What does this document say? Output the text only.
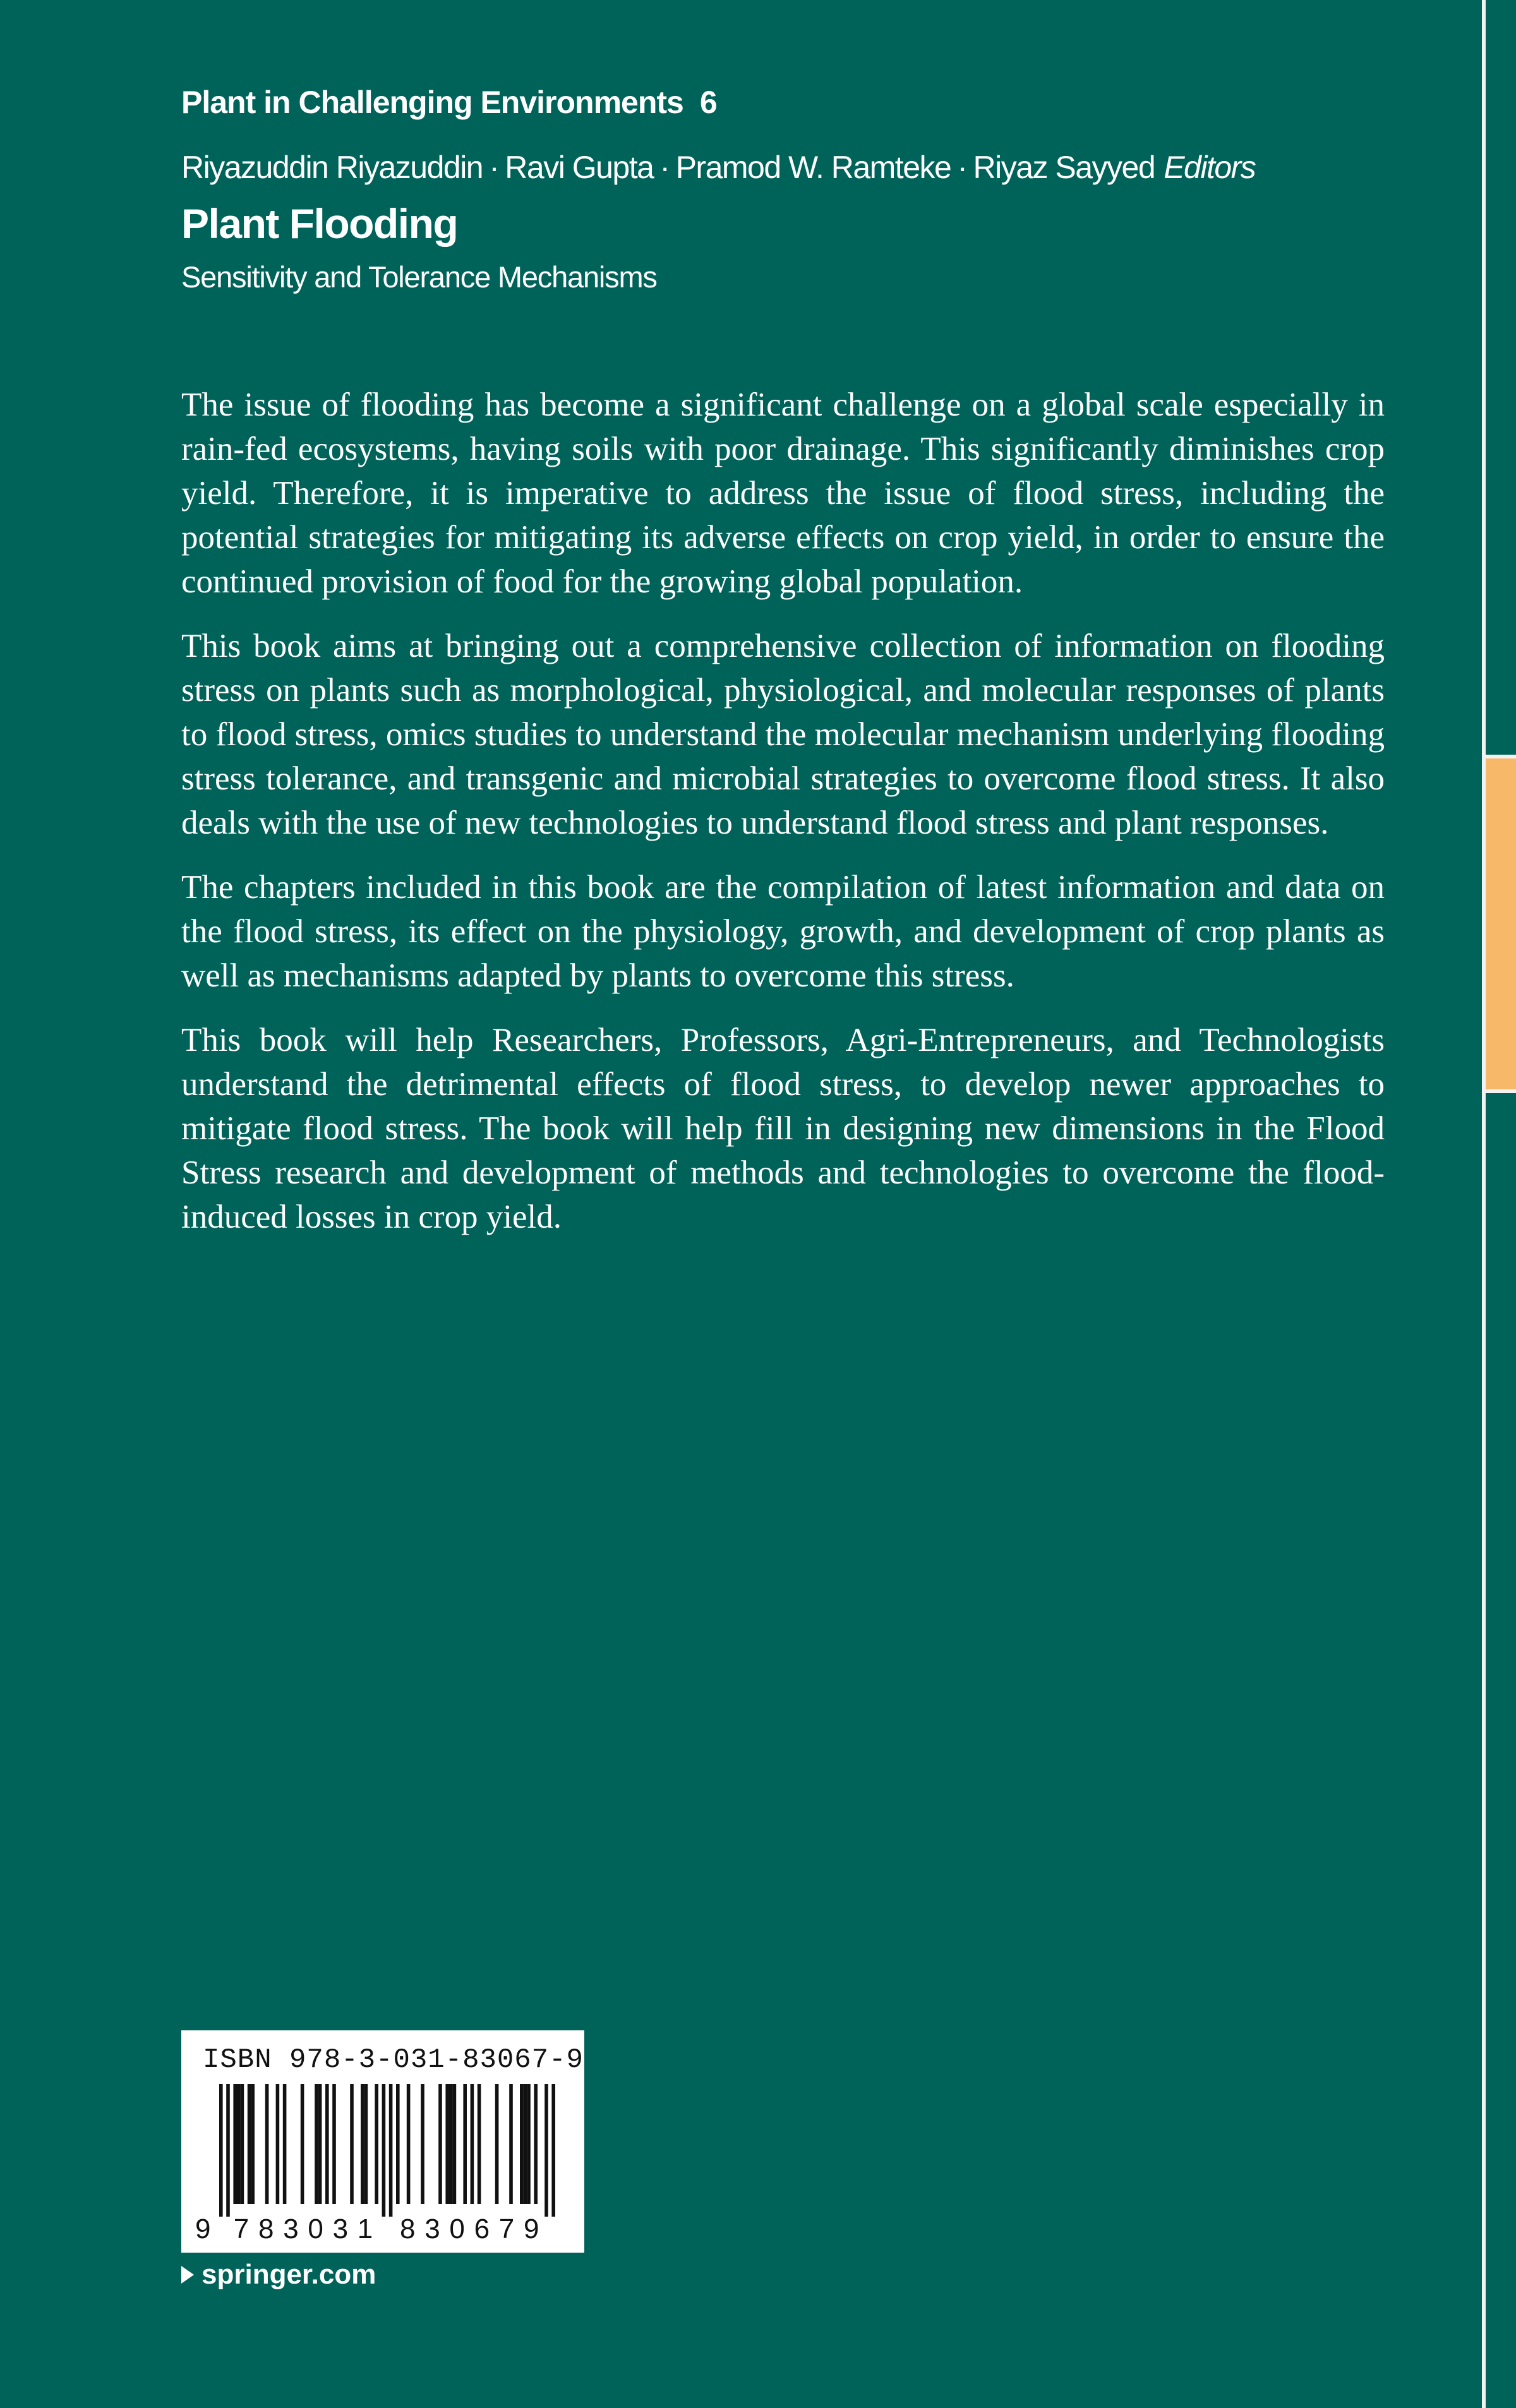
Plant in Challenging Environments 6
Riyazuddin Riyazuddin · Ravi Gupta · Pramod W. Ramteke · Riyaz Sayyed Editors
Plant Flooding
Sensitivity and Tolerance Mechanisms

The issue of flooding has become a significant challenge on a global scale especially in rain-fed ecosystems, having soils with poor drainage. This significantly diminishes crop yield. Therefore, it is imperative to address the issue of flood stress, including the potential strategies for mitigating its adverse effects on crop yield, in order to ensure the continued provision of food for the growing global population.

This book aims at bringing out a comprehensive collection of information on flooding stress on plants such as morphological, physiological, and molecular responses of plants to flood stress, omics studies to understand the molecular mechanism underlying flooding stress tolerance, and transgenic and microbial strategies to overcome flood stress. It also deals with the use of new technologies to understand flood stress and plant responses.

The chapters included in this book are the compilation of latest information and data on the flood stress, its effect on the physiology, growth, and development of crop plants as well as mechanisms adapted by plants to overcome this stress.

This book will help Researchers, Professors, Agri-Entrepreneurs, and Technologists understand the detrimental effects of flood stress, to develop newer approaches to mitigate flood stress. The book will help fill in designing new dimensions in the Flood Stress research and development of methods and technologies to overcome the flood-induced losses in crop yield.

ISBN 978-3-031-83067-9
9 7 8 3 0 3 1 8 3 0 6 7 9
springer.com
